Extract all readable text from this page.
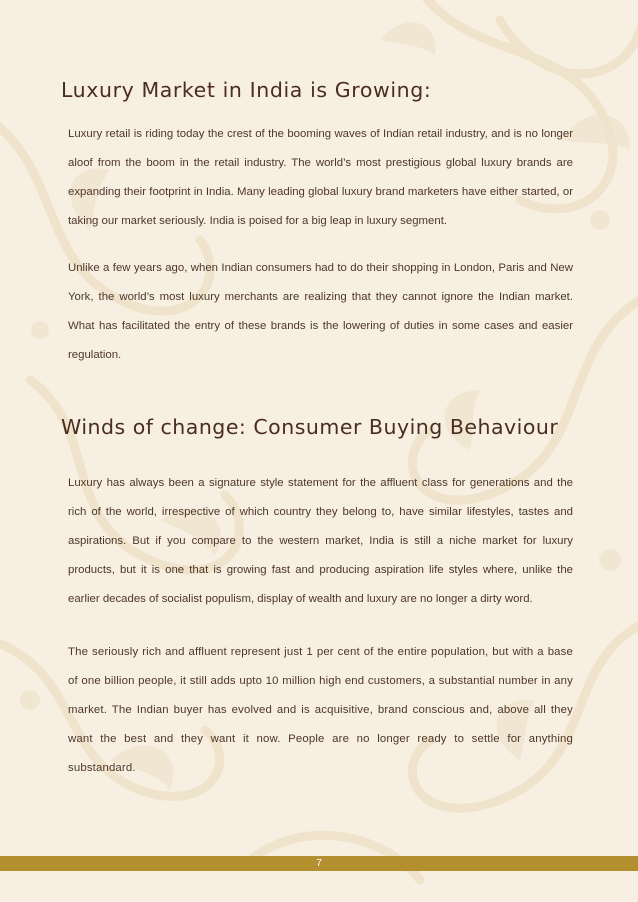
Luxury Market in India is Growing:

Luxury retail is riding today the crest of the booming waves of Indian retail industry, and is no longer aloof from the boom in the retail industry. The world’s most prestigious global luxury brands are expanding their footprint in India. Many leading global luxury brand marketers have either started, or taking our market seriously. India is poised for a big leap in luxury segment.

Unlike a few years ago, when Indian consumers had to do their shopping in London, Paris and New York, the world’s most luxury merchants are realizing that they cannot ignore the Indian market. What has facilitated the entry of these brands is the lowering of duties in some cases and easier regulation.

Winds of change: Consumer Buying Behaviour

Luxury has always been a signature style statement for the affluent class for generations and the rich of the world, irrespective of which country they belong to, have similar lifestyles, tastes and aspirations. But if you compare to the western market, India is still a niche market for luxury products, but it is one that is growing fast and producing aspiration life styles where, unlike the earlier decades of socialist populism, display of wealth and luxury are no longer a dirty word.

The seriously rich and affluent represent just 1 per cent of the entire population, but with a base of one billion people, it still adds upto 10 million high end customers, a substantial number in any market. The Indian buyer has evolved and is acquisitive, brand conscious and, above all they want the best and they want it now. People are no longer ready to settle for anything substandard.

7
